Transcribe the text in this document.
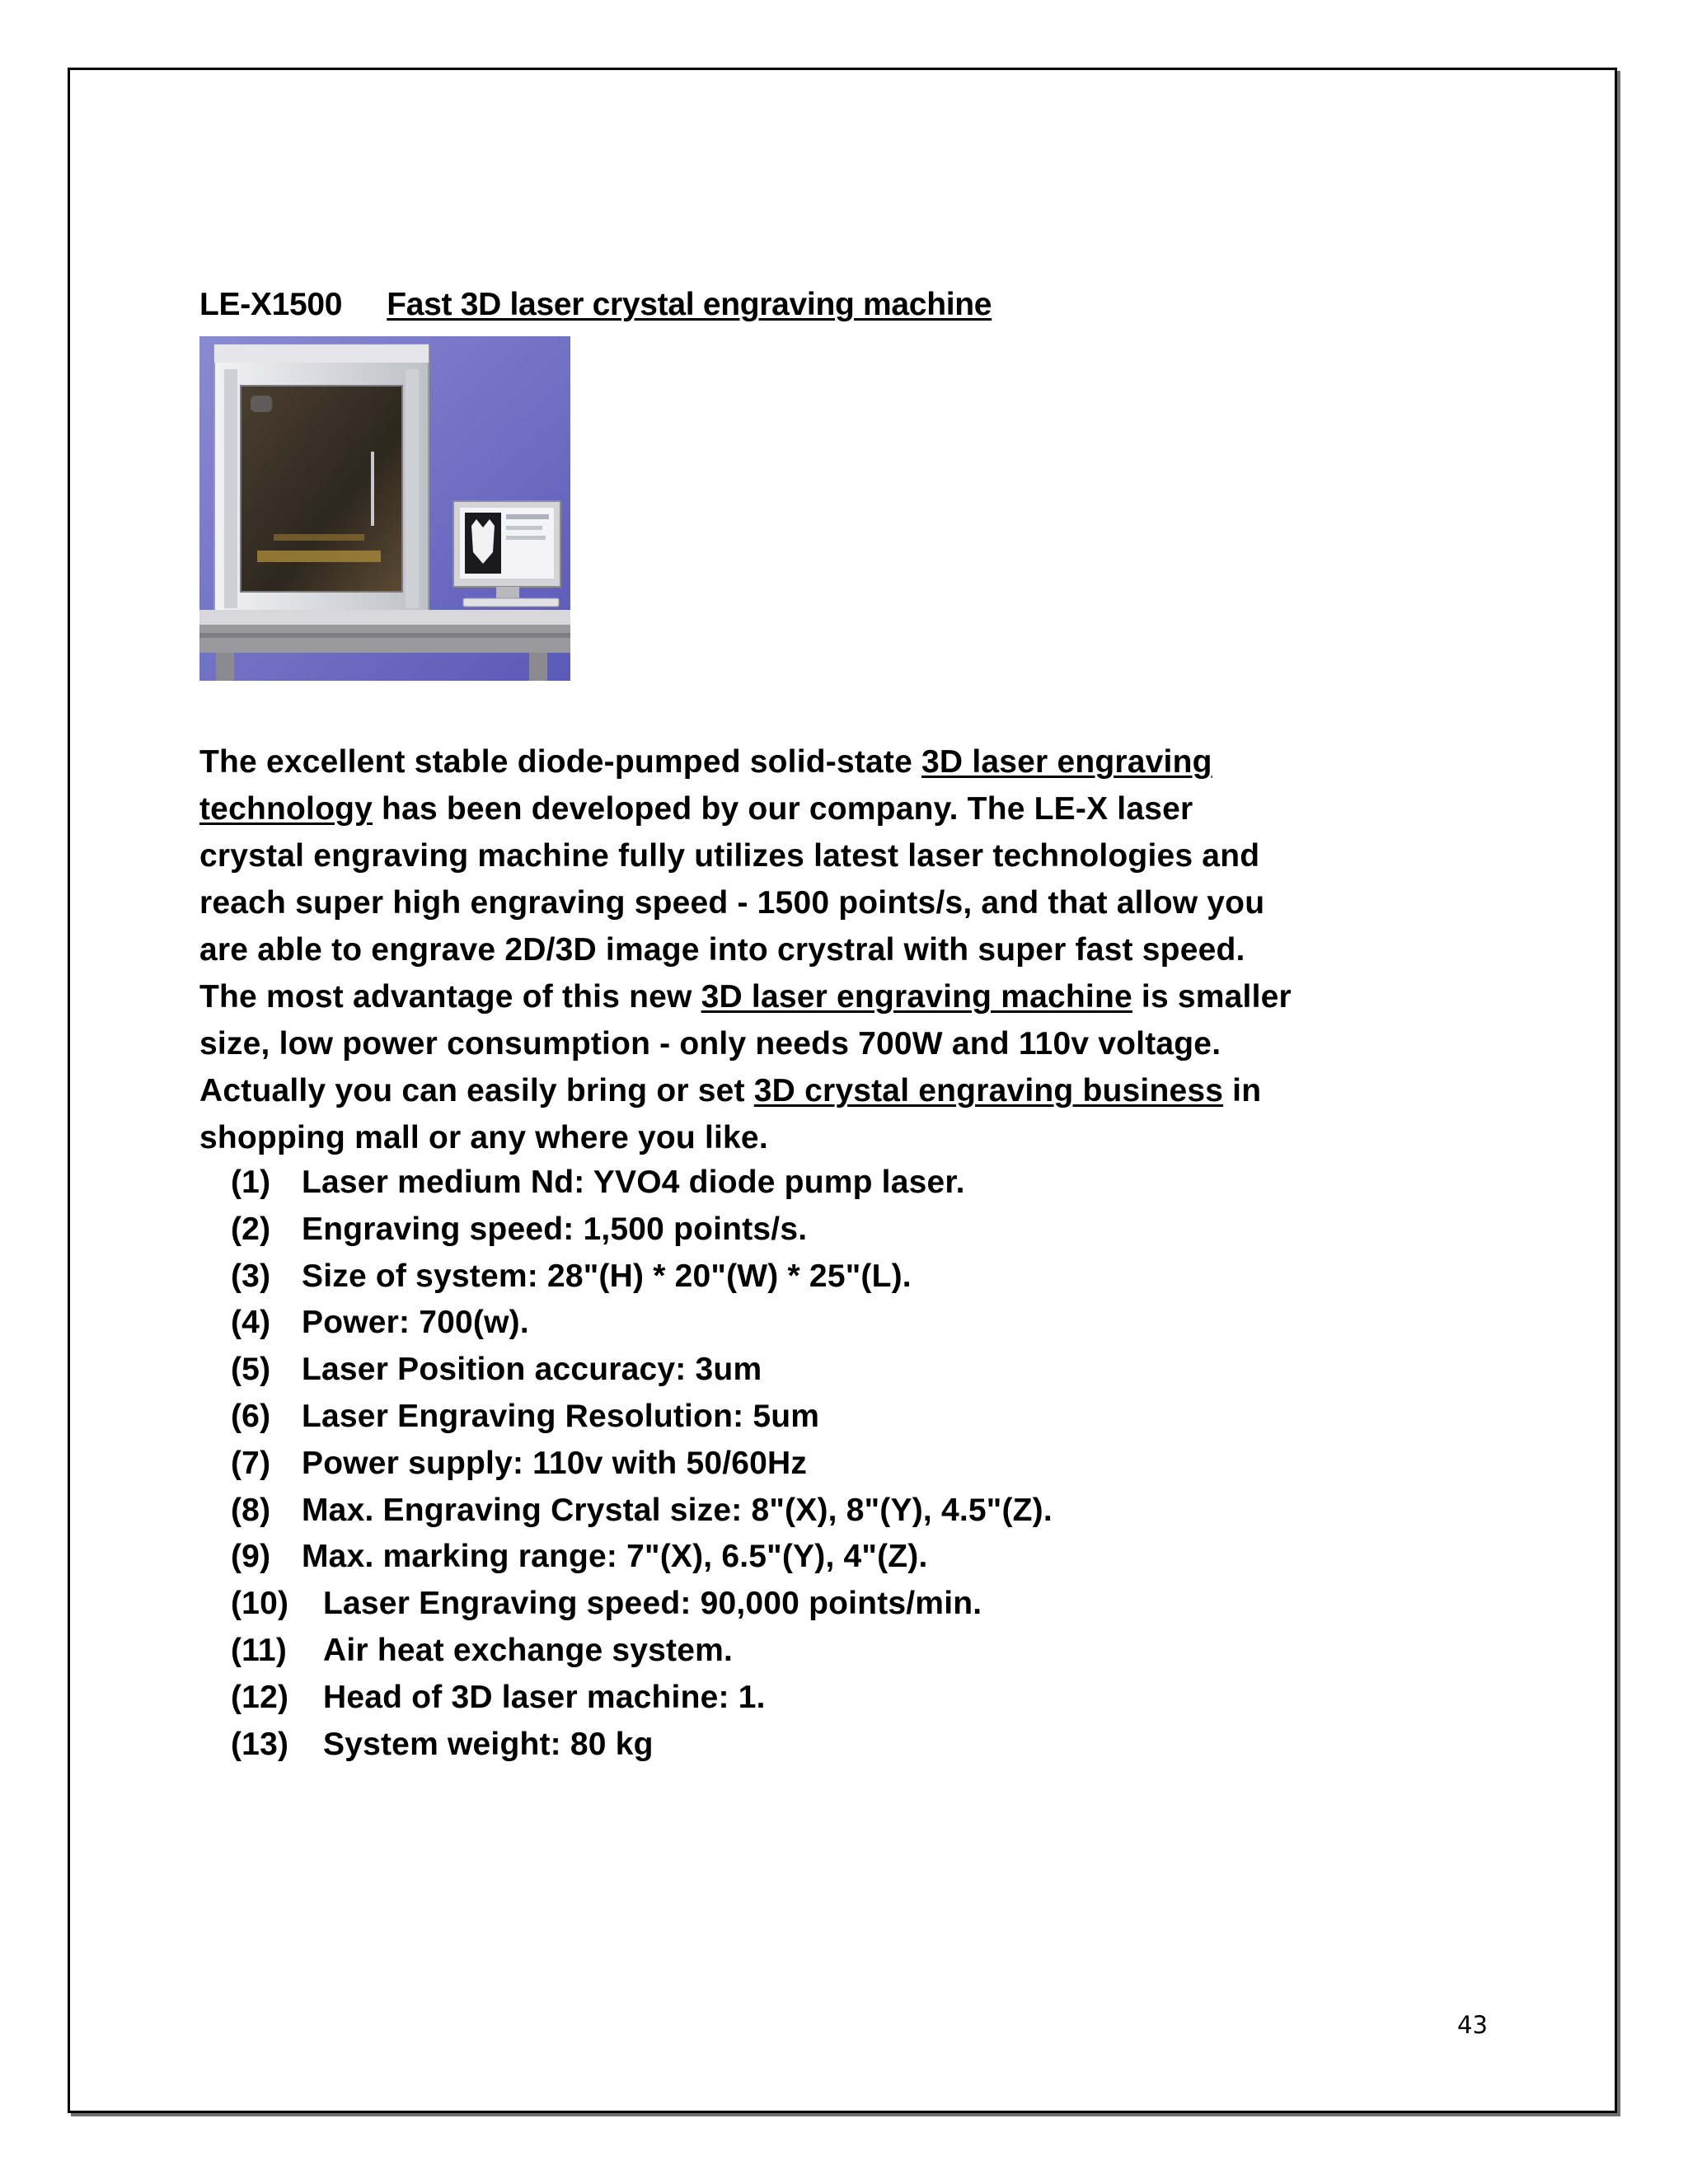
LE-X1500 Fast 3D laser crystal engraving machine
The excellent stable diode-pumped solid-state 3D laser engraving
technology has been developed by our company. The LE-X laser
crystal engraving machine fully utilizes latest laser technologies and
reach super high engraving speed - 1500 points/s, and that allow you
are able to engrave 2D/3D image into crystral with super fast speed.
The most advantage of this new 3D laser engraving machine is smaller
size, low power consumption - only needs 700W and 110v voltage.
Actually you can easily bring or set 3D crystal engraving business in
shopping mall or any where you like.
(1) Laser medium Nd: YVO4 diode pump laser.
(2) Engraving speed: 1,500 points/s.
(3) Size of system: 28"(H) * 20"(W) * 25"(L).
(4) Power: 700(w).
(5) Laser Position accuracy: 3um
(6) Laser Engraving Resolution: 5um
(7) Power supply: 110v with 50/60Hz
(8) Max. Engraving Crystal size: 8"(X), 8"(Y), 4.5"(Z).
(9) Max. marking range: 7"(X), 6.5"(Y), 4"(Z).
(10) Laser Engraving speed: 90,000 points/min.
(11) Air heat exchange system.
(12) Head of 3D laser machine: 1.
(13) System weight: 80 kg
43
